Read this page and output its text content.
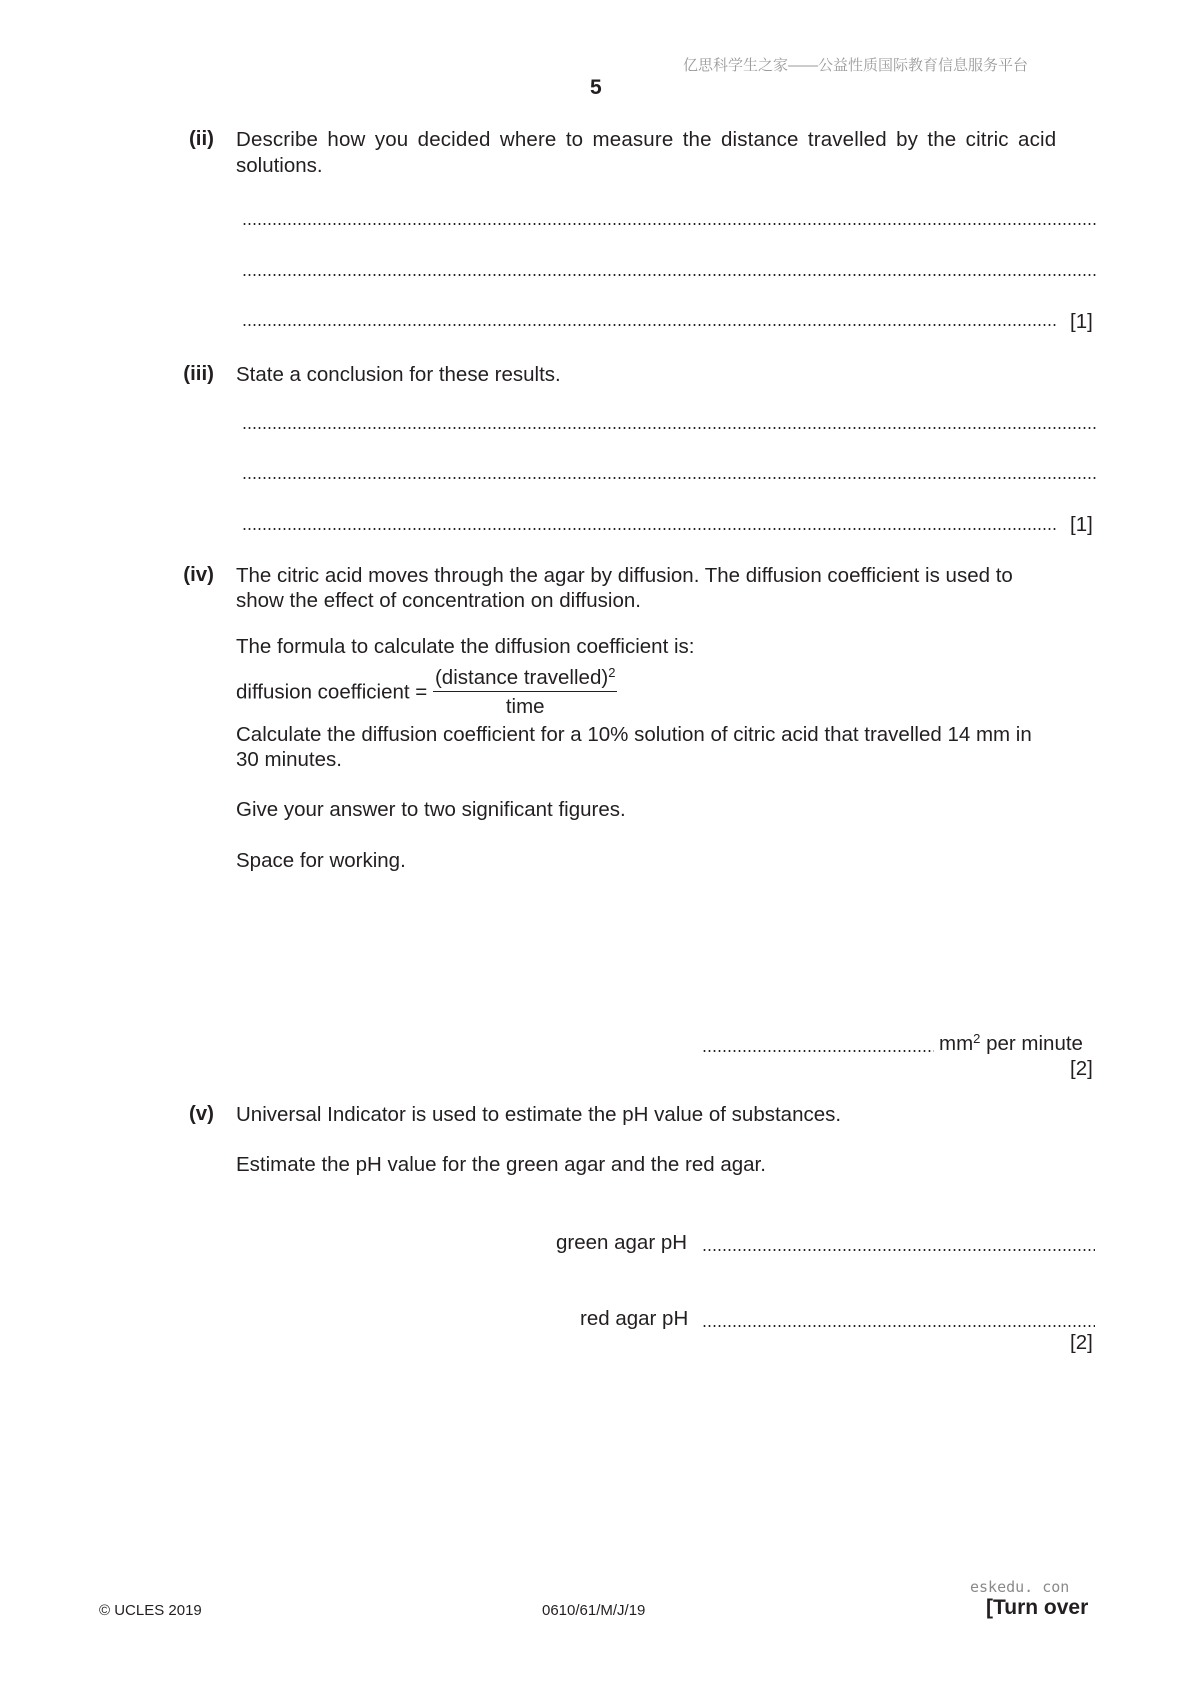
亿思科学生之家——公益性质国际教育信息服务平台
5
(ii) Describe how you decided where to measure the distance travelled by the citric acid
solutions.
[1]
(iii) State a conclusion for these results.
[1]
(iv) The citric acid moves through the agar by diffusion. The diffusion coefficient is used to
show the effect of concentration on diffusion.
The formula to calculate the diffusion coefficient is:
diffusion coefficient = $\frac{(distance travelled)^2}{\text{time}}$
Calculate the diffusion coefficient for a 10% solution of citric acid that travelled 14 mm in
30 minutes.
Give your answer to two significant figures.
Space for working.
$mm^2$ per minute
[2]
(v) Universal Indicator is used to estimate the pH value of substances.
Estimate the pH value for the green agar and the red agar.
green agar pH
red agar pH
[2]
eskedu. con
© UCLES 2019	0610/61/M/J/19	[Turn over
